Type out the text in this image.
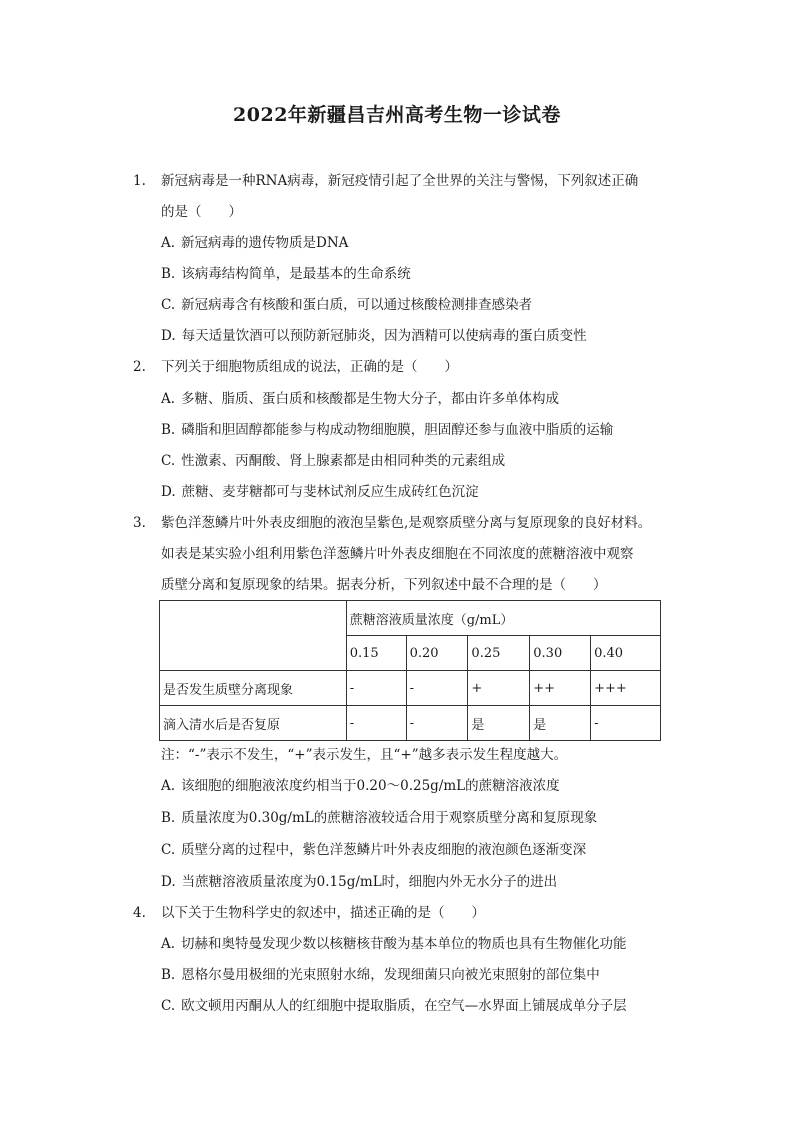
2022年新疆昌吉州高考生物一诊试卷
1. 新冠病毒是一种RNA病毒，新冠疫情引起了全世界的关注与警惕，下列叙述正确
的是（　　）
A. 新冠病毒的遗传物质是DNA
B. 该病毒结构简单，是最基本的生命系统
C. 新冠病毒含有核酸和蛋白质，可以通过核酸检测排查感染者
D. 每天适量饮酒可以预防新冠肺炎，因为酒精可以使病毒的蛋白质变性
2. 下列关于细胞物质组成的说法，正确的是（　　）
A. 多糖、脂质、蛋白质和核酸都是生物大分子，都由许多单体构成
B. 磷脂和胆固醇都能参与构成动物细胞膜，胆固醇还参与血液中脂质的运输
C. 性激素、丙酮酸、肾上腺素都是由相同种类的元素组成
D. 蔗糖、麦芽糖都可与斐林试剂反应生成砖红色沉淀
3. 紫色洋葱鳞片叶外表皮细胞的液泡呈紫色,是观察质壁分离与复原现象的良好材料。
如表是某实验小组利用紫色洋葱鳞片叶外表皮细胞在不同浓度的蔗糖溶液中观察
质壁分离和复原现象的结果。据表分析，下列叙述中最不合理的是（　　）
	蔗糖溶液质量浓度（g/mL）				
	0.15	0.20	0.25	0.30	0.40
是否发生质壁分离现象	-	-	+	++	+++
滴入清水后是否复原	-	-	是	是	-
注：“-”表示不发生，“+”表示发生，且“+”越多表示发生程度越大。
A. 该细胞的细胞液浓度约相当于0.20～0.25g/mL的蔗糖溶液浓度
B. 质量浓度为0.30g/mL的蔗糖溶液较适合用于观察质壁分离和复原现象
C. 质壁分离的过程中，紫色洋葱鳞片叶外表皮细胞的液泡颜色逐渐变深
D. 当蔗糖溶液质量浓度为0.15g/mL时，细胞内外无水分子的进出
4. 以下关于生物科学史的叙述中，描述正确的是（　　）
A. 切赫和奥特曼发现少数以核糖核苷酸为基本单位的物质也具有生物催化功能
B. 恩格尔曼用极细的光束照射水绵，发现细菌只向被光束照射的部位集中
C. 欧文顿用丙酮从人的红细胞中提取脂质，在空气—水界面上铺展成单分子层
